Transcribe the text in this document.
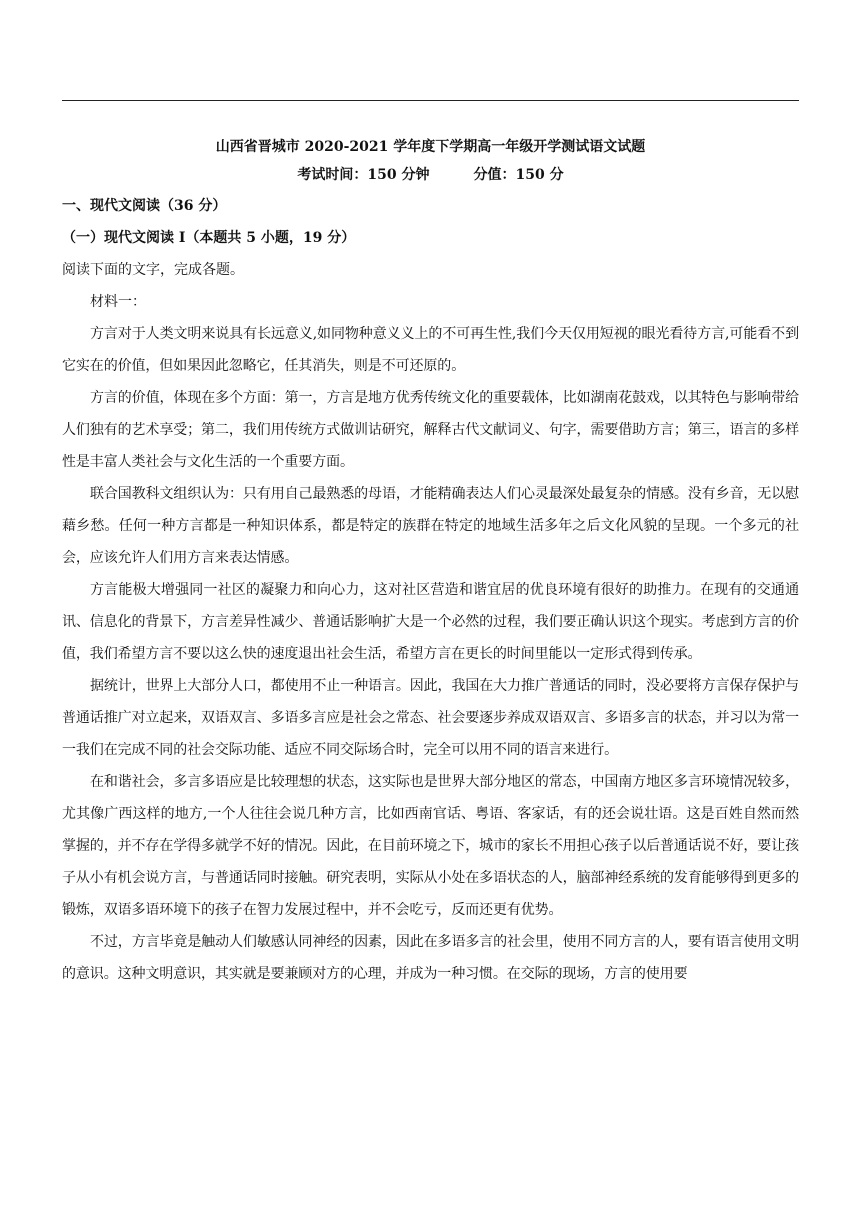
山西省晋城市 2020-2021 学年度下学期高一年级开学测试语文试题
考试时间：150 分钟	分值：150 分
一、现代文阅读（36 分）
（一）现代文阅读 I（本题共 5 小题，19 分）
阅读下面的文字，完成各题。
材料一：

方言对于人类文明来说具有长远意义,如同物种意义义上的不可再生性,我们今天仅用短视的眼光看待方言,可能看不到它实在的价值，但如果因此忽略它，任其消失，则是不可还原的。

方言的价值，体现在多个方面：第一，方言是地方优秀传统文化的重要载体，比如湖南花鼓戏，以其特色与影响带给人们独有的艺术享受；第二，我们用传统方式做训诂研究，解释古代文献词义、句字，需要借助方言；第三，语言的多样性是丰富人类社会与文化生活的一个重要方面。

联合国教科文组织认为：只有用自己最熟悉的母语，才能精确表达人们心灵最深处最复杂的情感。没有乡音，无以慰藉乡愁。任何一种方言都是一种知识体系，都是特定的族群在特定的地域生活多年之后文化风貌的呈现。一个多元的社会，应该允许人们用方言来表达情感。

方言能极大增强同一社区的凝聚力和向心力，这对社区营造和谐宜居的优良环境有很好的助推力。在现有的交通通讯、信息化的背景下，方言差异性减少、普通话影响扩大是一个必然的过程，我们要正确认识这个现实。考虑到方言的价值，我们希望方言不要以这么快的速度退出社会生活，希望方言在更长的时间里能以一定形式得到传承。

据统计，世界上大部分人口，都使用不止一种语言。因此，我国在大力推广普通话的同时，没必要将方言保存保护与普通话推广对立起来，双语双言、多语多言应是社会之常态、社会要逐步养成双语双言、多语多言的状态，并习以为常一一我们在完成不同的社会交际功能、适应不同交际场合时，完全可以用不同的语言来进行。

在和谐社会，多言多语应是比较理想的状态，这实际也是世界大部分地区的常态，中国南方地区多言环境情况较多，尤其像广西这样的地方,一个人往往会说几种方言，比如西南官话、粤语、客家话，有的还会说壮语。这是百姓自然而然掌握的，并不存在学得多就学不好的情况。因此，在目前环境之下，城市的家长不用担心孩子以后普通话说不好，要让孩子从小有机会说方言，与普通话同时接触。研究表明，实际从小处在多语状态的人，脑部神经系统的发育能够得到更多的锻炼，双语多语环境下的孩子在智力发展过程中，并不会吃亏，反而还更有优势。

不过，方言毕竟是触动人们敏感认同神经的因素，因此在多语多言的社会里，使用不同方言的人，要有语言使用文明的意识。这种文明意识，其实就是要兼顾对方的心理，并成为一种习惯。在交际的现场，方言的使用要
